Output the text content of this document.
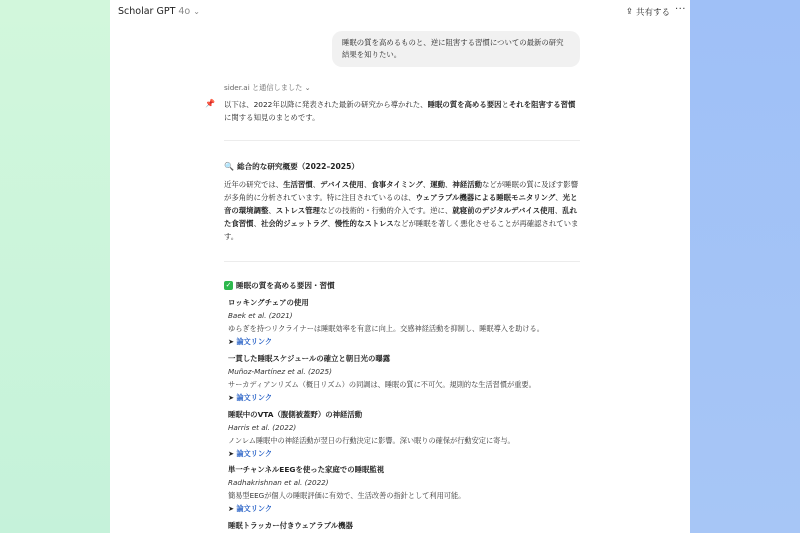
Scholar GPT 4o ⌄	⇪ 共有する ···
睡眠の質を高めるものと、逆に阻害する習慣についての最新の研究結果を知りたい。
sider.ai と通信しました ⌄
📌 以下は、2022年以降に発表された最新の研究から導かれた、睡眠の質を高める要因とそれを阻害する習慣に関する知見のまとめです。
🔍 総合的な研究概要（2022–2025）
近年の研究では、生活習慣、デバイス使用、食事タイミング、運動、神経活動などが睡眠の質に及ぼす影響が多角的に分析されています。特に注目されているのは、ウェアラブル機器による睡眠モニタリング、光と音の環境調整、ストレス管理などの技術的・行動的介入です。逆に、就寝前のデジタルデバイス使用、乱れた食習慣、社会的ジェットラグ、慢性的なストレスなどが睡眠を著しく悪化させることが再確認されています。
✓ 睡眠の質を高める要因・習慣
ロッキングチェアの使用
Baek et al. (2021)
ゆらぎを持つリクライナーは睡眠効率を有意に向上。交感神経活動を抑制し、睡眠導入を助ける。
➤ 論文リンク
一貫した睡眠スケジュールの確立と朝日光の曝露
Muñoz-Martínez et al. (2025)
サーカディアンリズム（概日リズム）の同調は、睡眠の質に不可欠。規則的な生活習慣が重要。
➤ 論文リンク
睡眠中のVTA（腹側被蓋野）の神経活動
Harris et al. (2022)
ノンレム睡眠中の神経活動が翌日の行動決定に影響。深い眠りの確保が行動安定に寄与。
➤ 論文リンク
単一チャンネルEEGを使った家庭での睡眠監視
Radhakrishnan et al. (2022)
簡易型EEGが個人の睡眠評価に有効で、生活改善の指針として利用可能。
➤ 論文リンク
睡眠トラッカー付きウェアラブル機器
